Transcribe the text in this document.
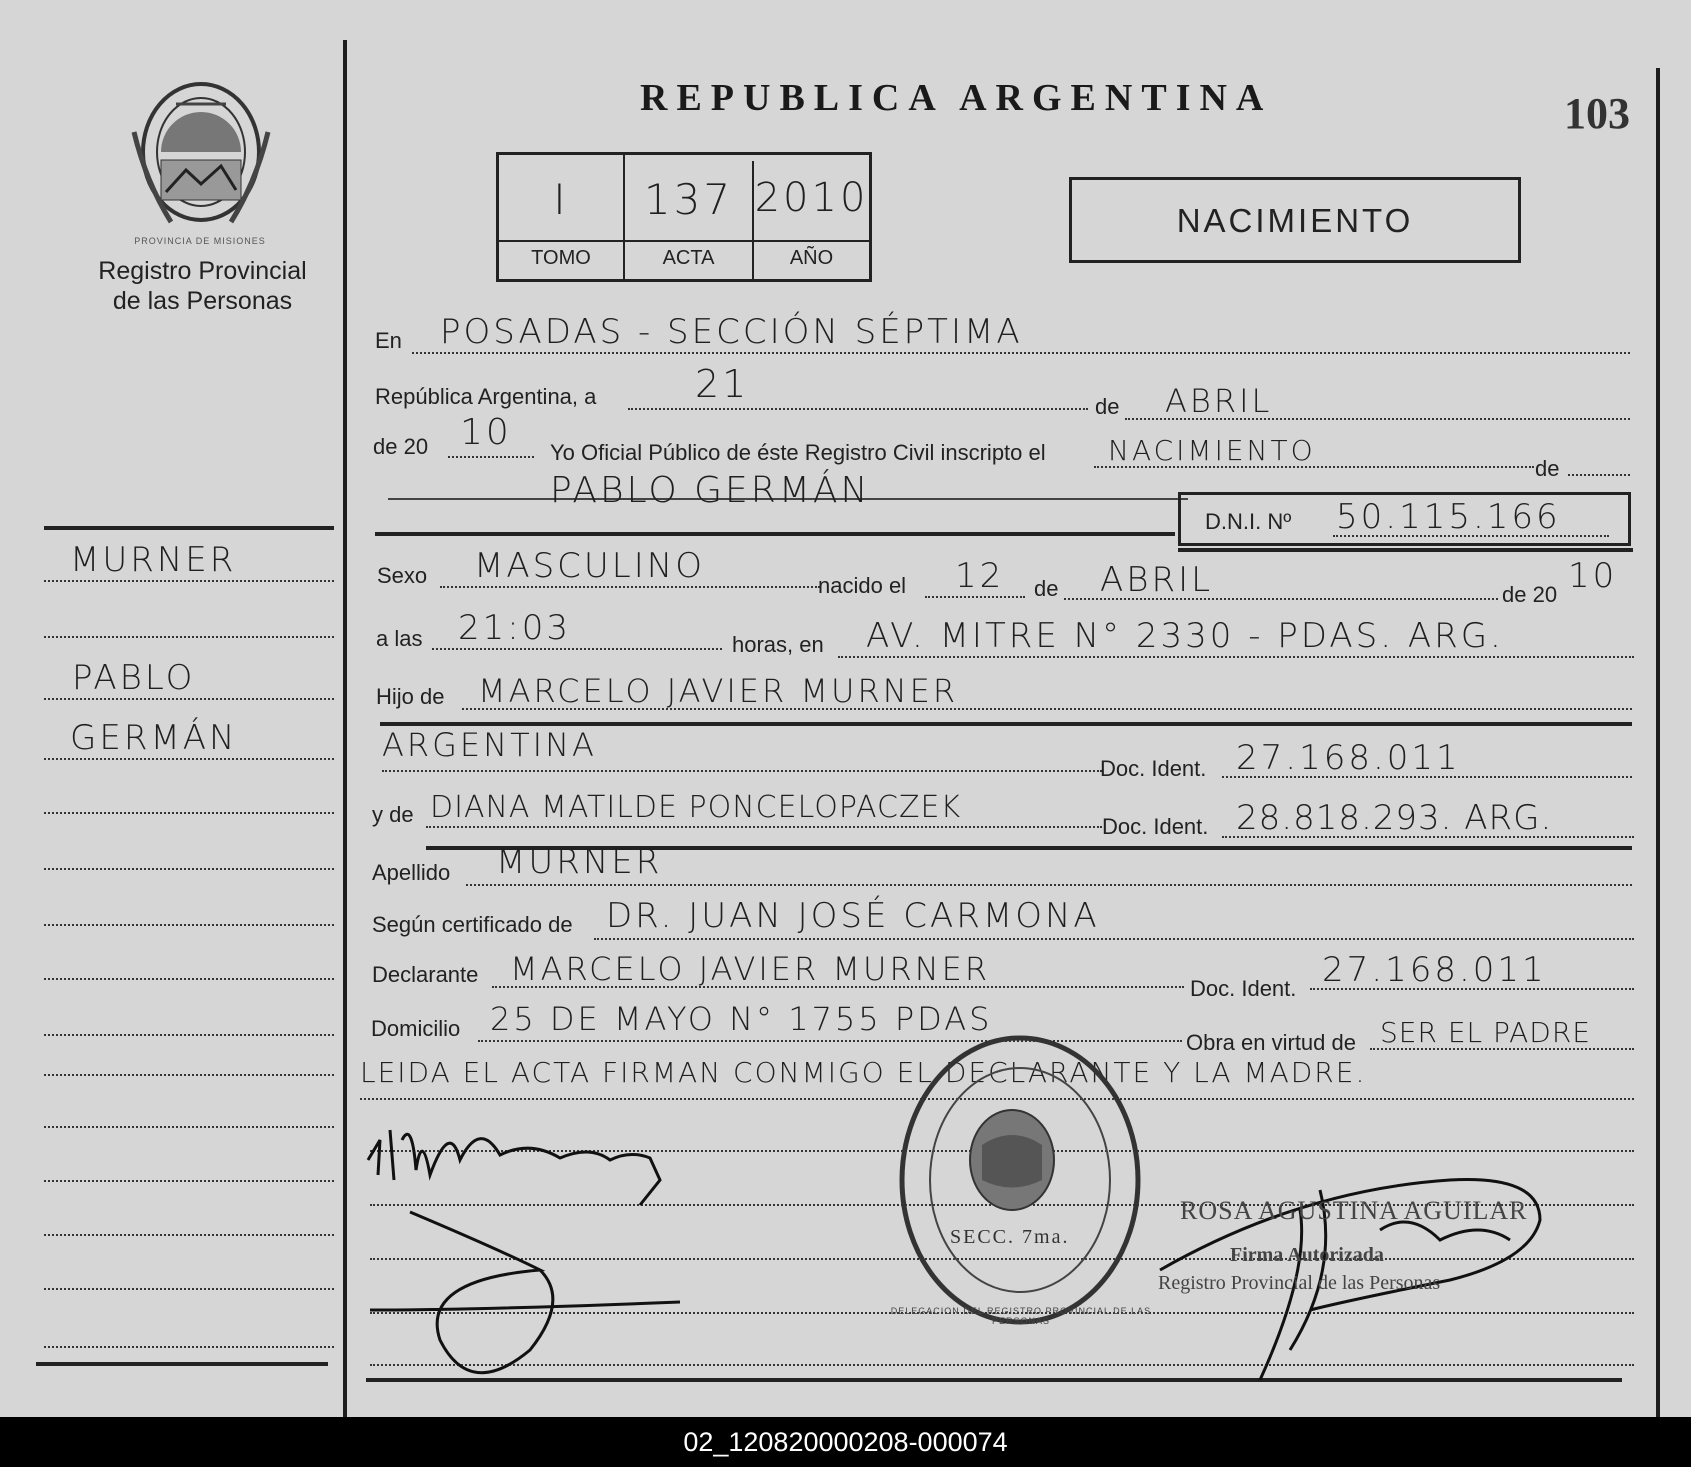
PROVINCIA DE MISIONES
Registro Provincial
de las Personas
REPUBLICA ARGENTINA	103
I	137 2010
TOMO	ACTA	AÑO
NACIMIENTO
En POSADAS - SECCIÓN SÉPTIMA
República Argentina, a	de
21	ABRIL
de 20 10 Yo Oficial Público de éste Registro Civil inscripto el NACIMIENTO
de
PABLO GERMÁN
D.N.I. Nº 50.115.166
MURNER
PABLO
GERMÁN
Sexo MASCULINO	nacido el 12 de ABRIL	de 20 10
a las 21:03	horas, en AV. MITRE N° 2330 - PDAS. ARG.
Hijo de MARCELO JAVIER MURNER
ARGENTINA
Doc. Ident. 27.168.011
y de DIANA MATILDE PONCELOPACZEK
Doc. Ident. 28.818.293. ARG.
Apellido MURNER
Según certificado de DR. JUAN JOSÉ CARMONA
Declarante MARCELO JAVIER MURNER
Doc. Ident. 27.168.011
Domicilio 25 DE MAYO N° 1755 PDAS
Obra en virtud de SER EL PADRE
LEIDA EL ACTA FIRMAN CONMIGO EL DECLARANTE Y LA MADRE.
DELEGACION DEL REGISTRO PROVINCIAL DE LAS PERSONAS
SECC. 7ma.
ROSA AGUSTINA AGUILAR
Firma Autorizada
Registro Provincial de las Personas
02_120820000208-000074
